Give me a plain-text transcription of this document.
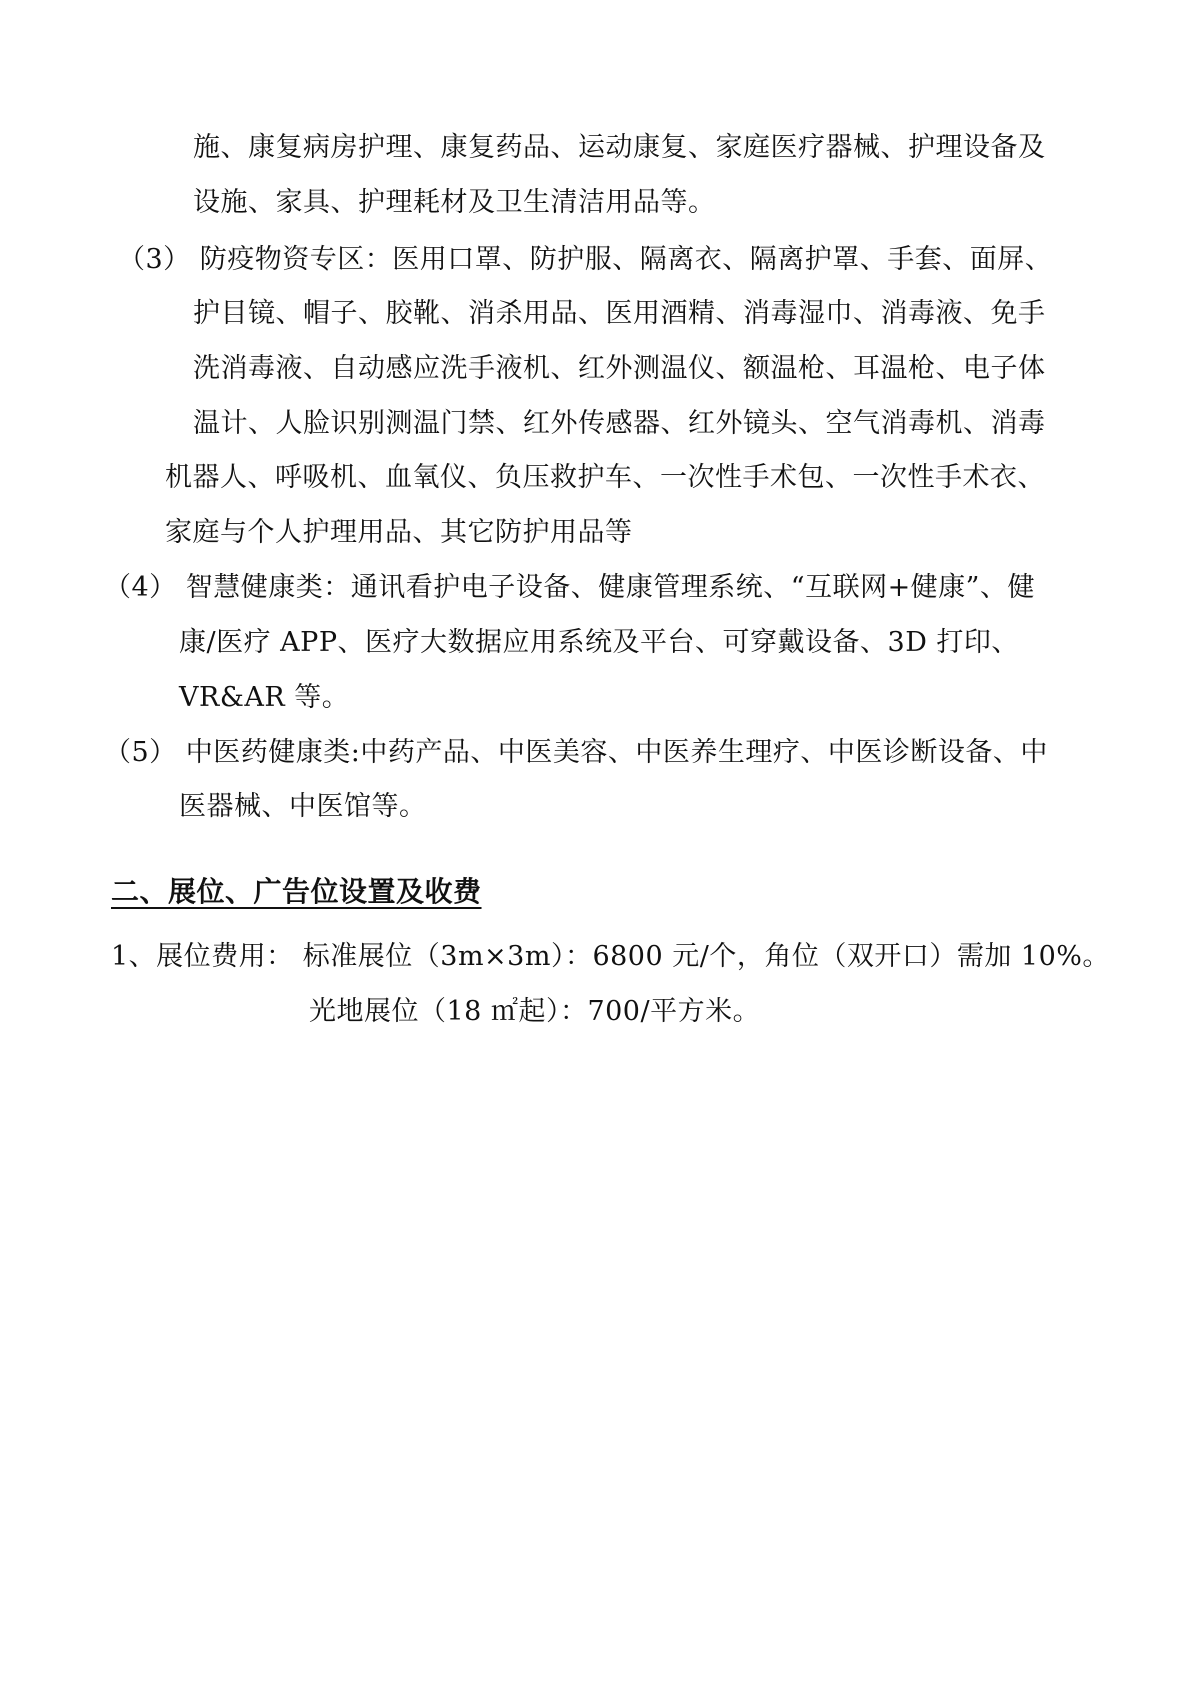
施、康复病房护理、康复药品、运动康复、家庭医疗器械、护理设备及
设施、家具、护理耗材及卫生清洁用品等。
（3） 防疫物资专区：医用口罩、防护服、隔离衣、隔离护罩、手套、面屏、
护目镜、帽子、胶靴、消杀用品、医用酒精、消毒湿巾、消毒液、免手
洗消毒液、自动感应洗手液机、红外测温仪、额温枪、耳温枪、电子体
温计、人脸识别测温门禁、红外传感器、红外镜头、空气消毒机、消毒
机器人、呼吸机、血氧仪、负压救护车、一次性手术包、一次性手术衣、
家庭与个人护理用品、其它防护用品等
（4） 智慧健康类：通讯看护电子设备、健康管理系统、“互联网+健康”、健
康/医疗 APP、医疗大数据应用系统及平台、可穿戴设备、3D 打印、
VR&AR 等。
（5） 中医药健康类:中药产品、中医美容、中医养生理疗、中医诊断设备、中
医器械、中医馆等。
二、展位、广告位设置及收费
1、展位费用： 标准展位（3m×3m）：6800 元/个，角位（双开口）需加 10%。
光地展位（18 ㎡起）：700/平方米。
